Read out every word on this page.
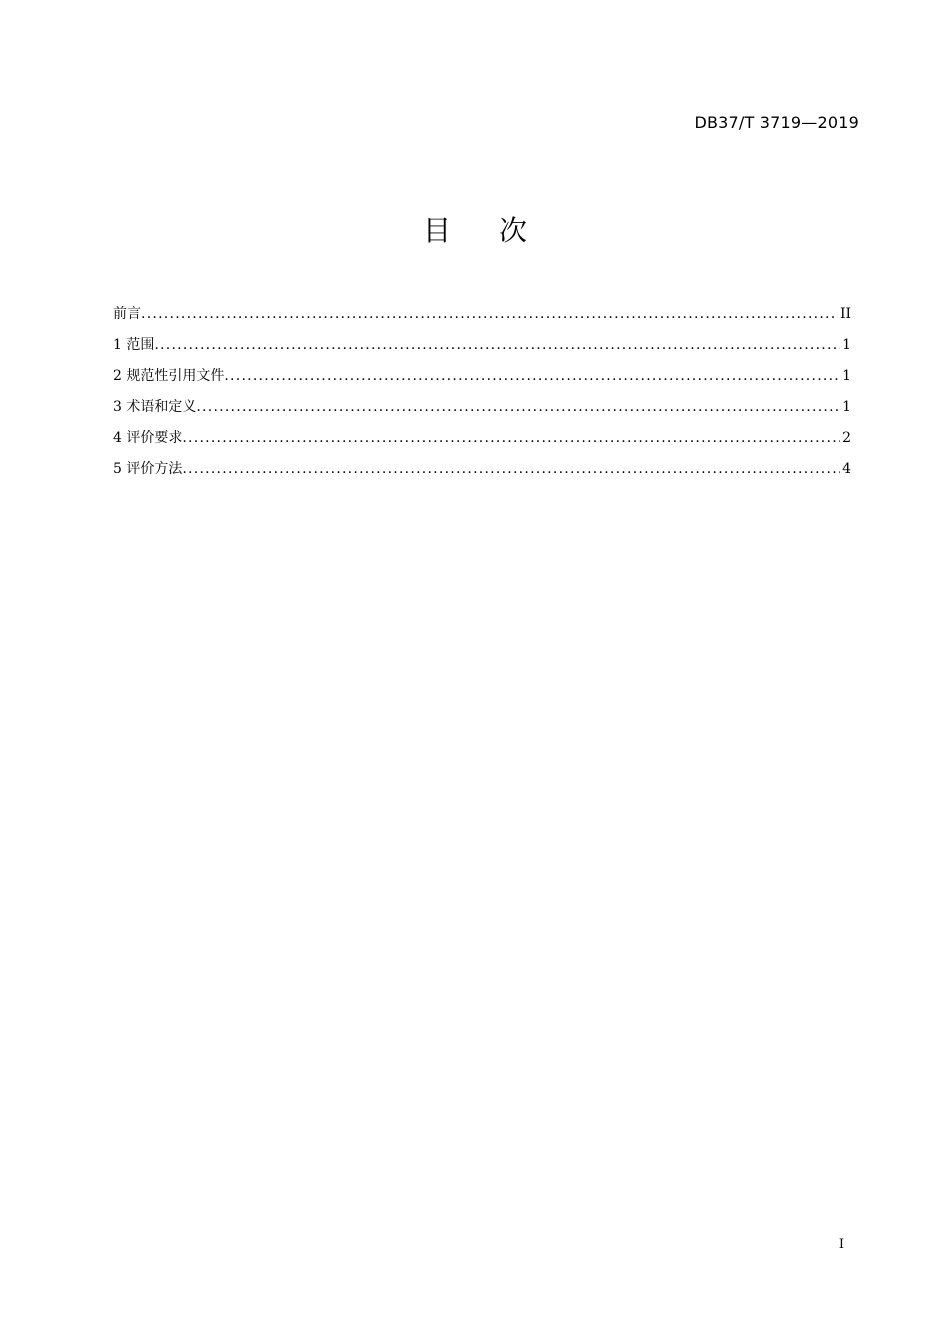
DB37/T 3719—2019
目次
前言 . . .	II
1 范围 . . .	1
2 规范性引用文件 . . .	1
3 术语和定义 . . .	1
4 评价要求 . . .	2
5 评价方法 . . .	4
I
